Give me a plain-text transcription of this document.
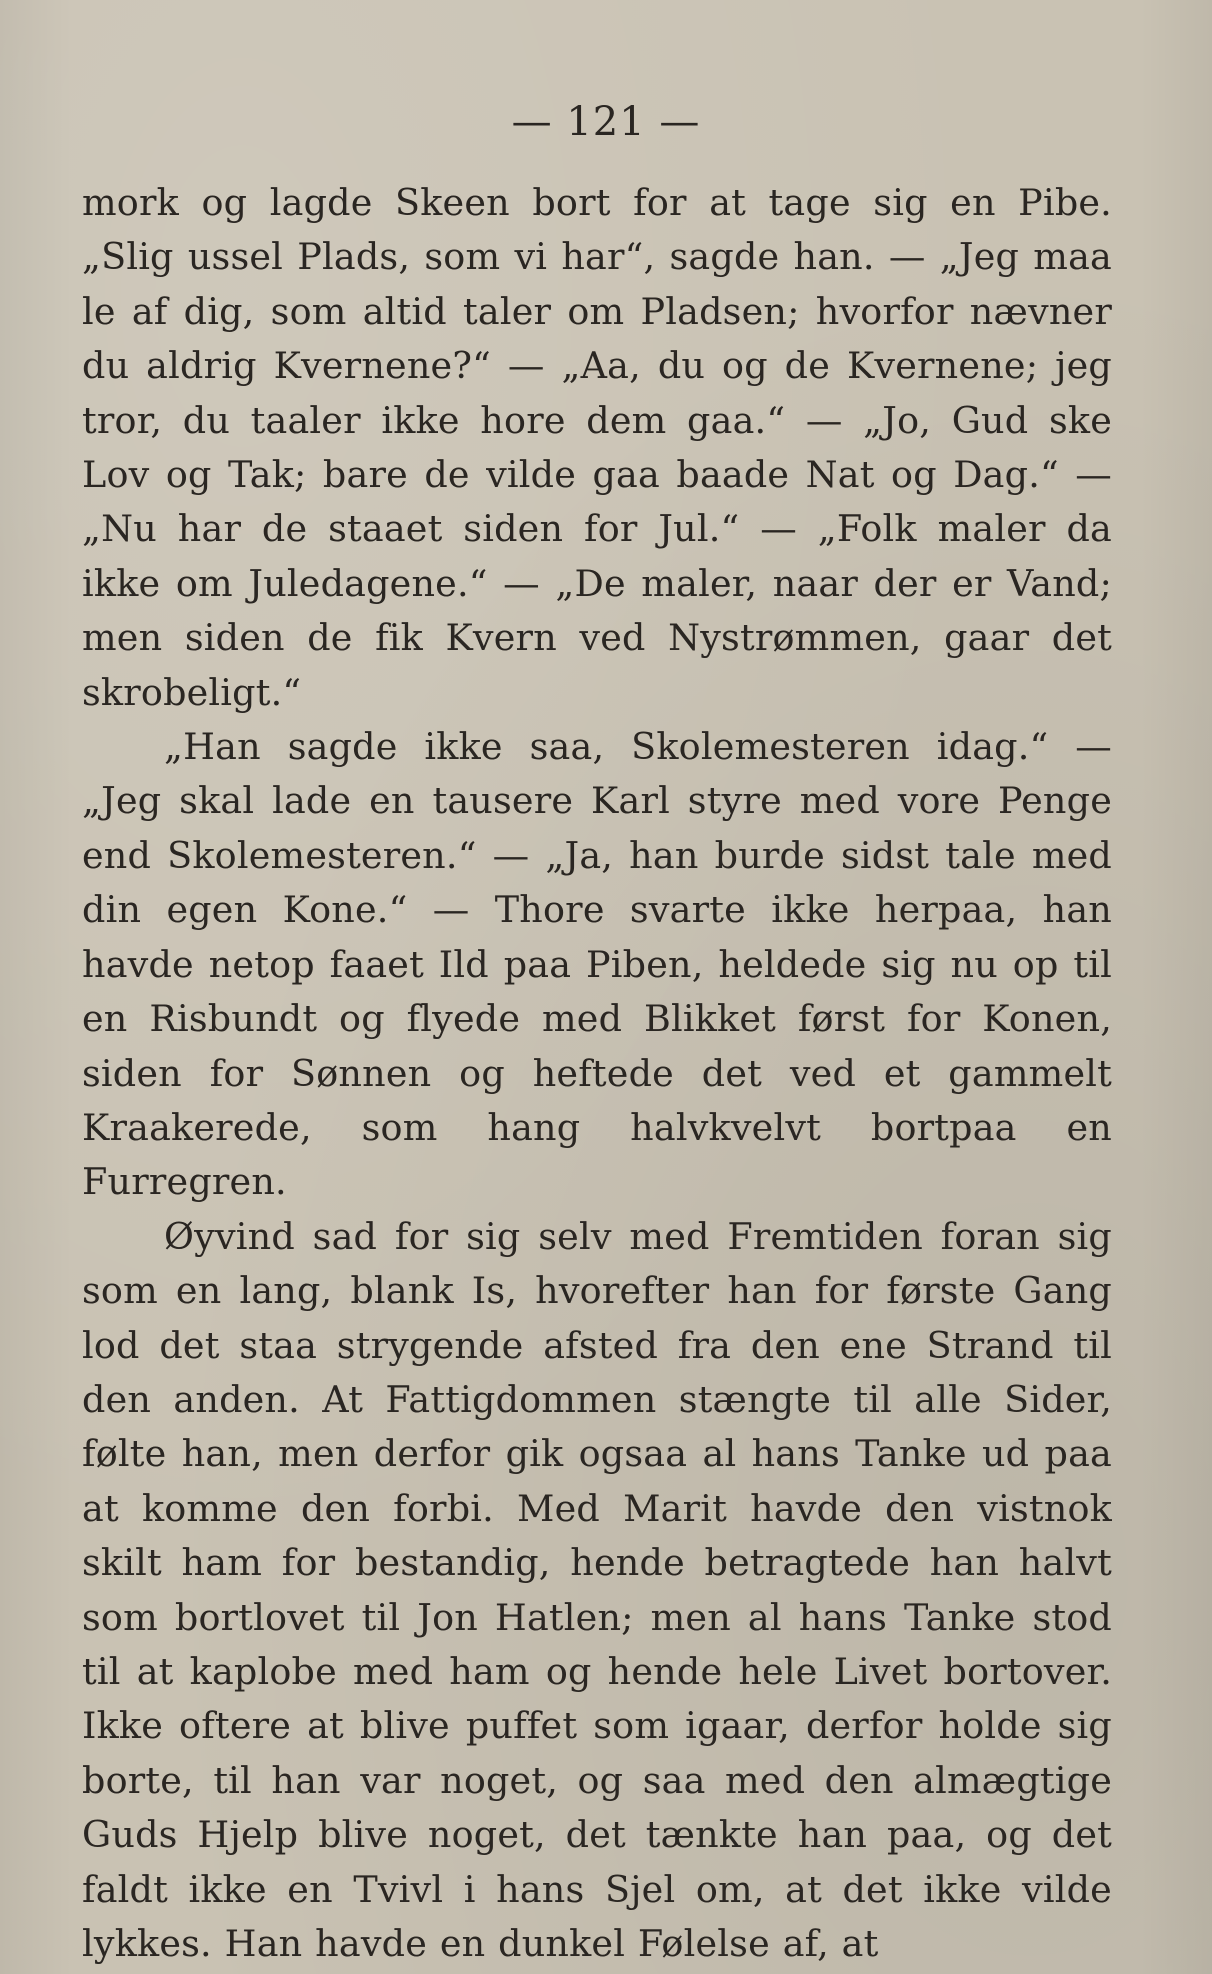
— 121 —

mork og lagde Skeen bort for at tage sig en Pibe. „Slig ussel Plads, som vi har“, sagde han. — „Jeg maa le af dig, som altid taler om Pladsen; hvorfor nævner du aldrig Kvernene?“ — „Aa, du og de Kvernene; jeg tror, du taaler ikke hore dem gaa.“ — „Jo, Gud ske Lov og Tak; bare de vilde gaa baade Nat og Dag.“ — „Nu har de staaet siden for Jul.“ — „Folk maler da ikke om Juledagene.“ — „De maler, naar der er Vand; men siden de fik Kvern ved Nystrømmen, gaar det skrobeligt.“

„Han sagde ikke saa, Skolemesteren idag.“ — „Jeg skal lade en tausere Karl styre med vore Penge end Skolemesteren.“ — „Ja, han burde sidst tale med din egen Kone.“ — Thore svarte ikke herpaa, han havde netop faaet Ild paa Piben, heldede sig nu op til en Risbundt og flyede med Blikket først for Konen, siden for Sønnen og heftede det ved et gammelt Kraakerede, som hang halvkvelvt bortpaa en Furregren.

Øyvind sad for sig selv med Fremtiden foran sig som en lang, blank Is, hvorefter han for første Gang lod det staa strygende afsted fra den ene Strand til den anden. At Fattigdommen stængte til alle Sider, følte han, men derfor gik ogsaa al hans Tanke ud paa at komme den forbi. Med Marit havde den vistnok skilt ham for bestandig, hende betragtede han halvt som bortlovet til Jon Hatlen; men al hans Tanke stod til at kaplobe med ham og hende hele Livet bortover. Ikke oftere at blive puffet som igaar, derfor holde sig borte, til han var noget, og saa med den almægtige Guds Hjelp blive noget, det tænkte han paa, og det faldt ikke en Tvivl i hans Sjel om, at det ikke vilde lykkes. Han havde en dunkel Følelse af, at
